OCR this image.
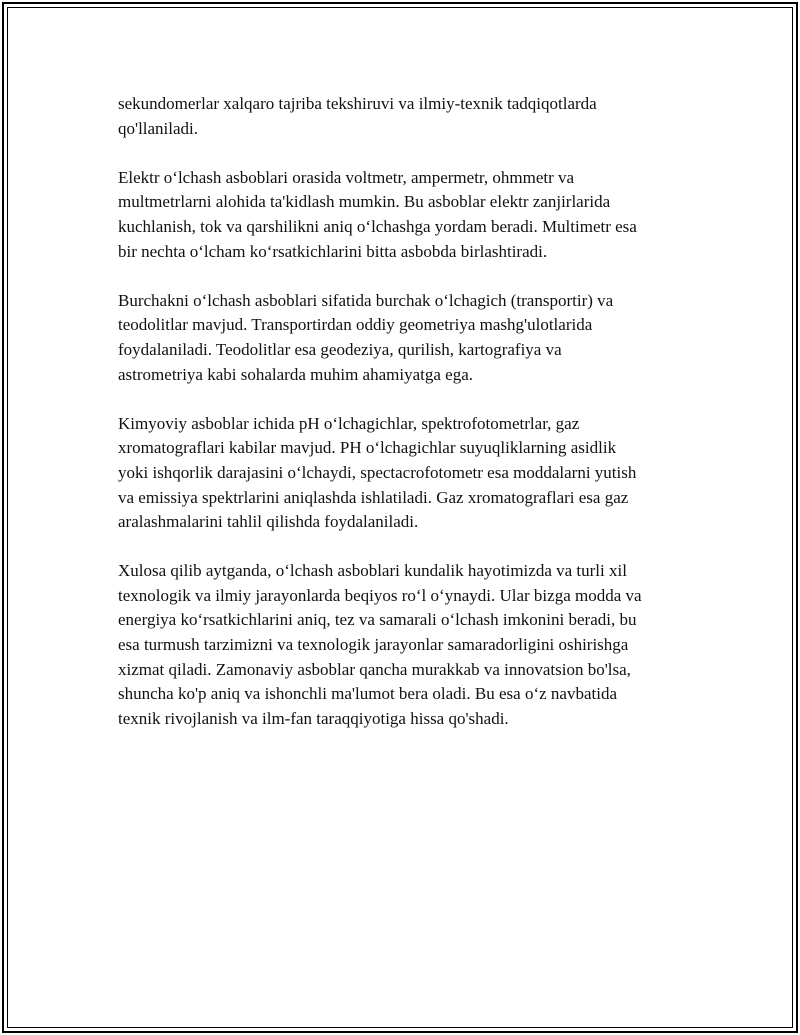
sekundomerlar xalqaro tajriba tekshiruvi va ilmiy-texnik tadqiqotlarda
qo'llaniladi.

Elektr o‘lchash asboblari orasida voltmetr, ampermetr, ohmmetr va
multmetrlarni alohida ta'kidlash mumkin. Bu asboblar elektr zanjirlarida
kuchlanish, tok va qarshilikni aniq o‘lchashga yordam beradi. Multimetr esa
bir nechta o‘lcham ko‘rsatkichlarini bitta asbobda birlashtiradi.

Burchakni o‘lchash asboblari sifatida burchak o‘lchagich (transportir) va
teodolitlar mavjud. Transportirdan oddiy geometriya mashg'ulotlarida
foydalaniladi. Teodolitlar esa geodeziya, qurilish, kartografiya va
astrometriya kabi sohalarda muhim ahamiyatga ega.

Kimyoviy asboblar ichida pH o‘lchagichlar, spektrofotometrlar, gaz
xromatograflari kabilar mavjud. PH o‘lchagichlar suyuqliklarning asidlik
yoki ishqorlik darajasini o‘lchaydi, spectacrofotometr esa moddalarni yutish
va emissiya spektrlarini aniqlashda ishlatiladi. Gaz xromatograflari esa gaz
aralashmalarini tahlil qilishda foydalaniladi.

Xulosa qilib aytganda, o‘lchash asboblari kundalik hayotimizda va turli xil
texnologik va ilmiy jarayonlarda beqiyos ro‘l o‘ynaydi. Ular bizga modda va
energiya ko‘rsatkichlarini aniq, tez va samarali o‘lchash imkonini beradi, bu
esa turmush tarzimizni va texnologik jarayonlar samaradorligini oshirishga
xizmat qiladi. Zamonaviy asboblar qancha murakkab va innovatsion bo'lsa,
shuncha ko'p aniq va ishonchli ma'lumot bera oladi. Bu esa o‘z navbatida
texnik rivojlanish va ilm-fan taraqqiyotiga hissa qo'shadi.
